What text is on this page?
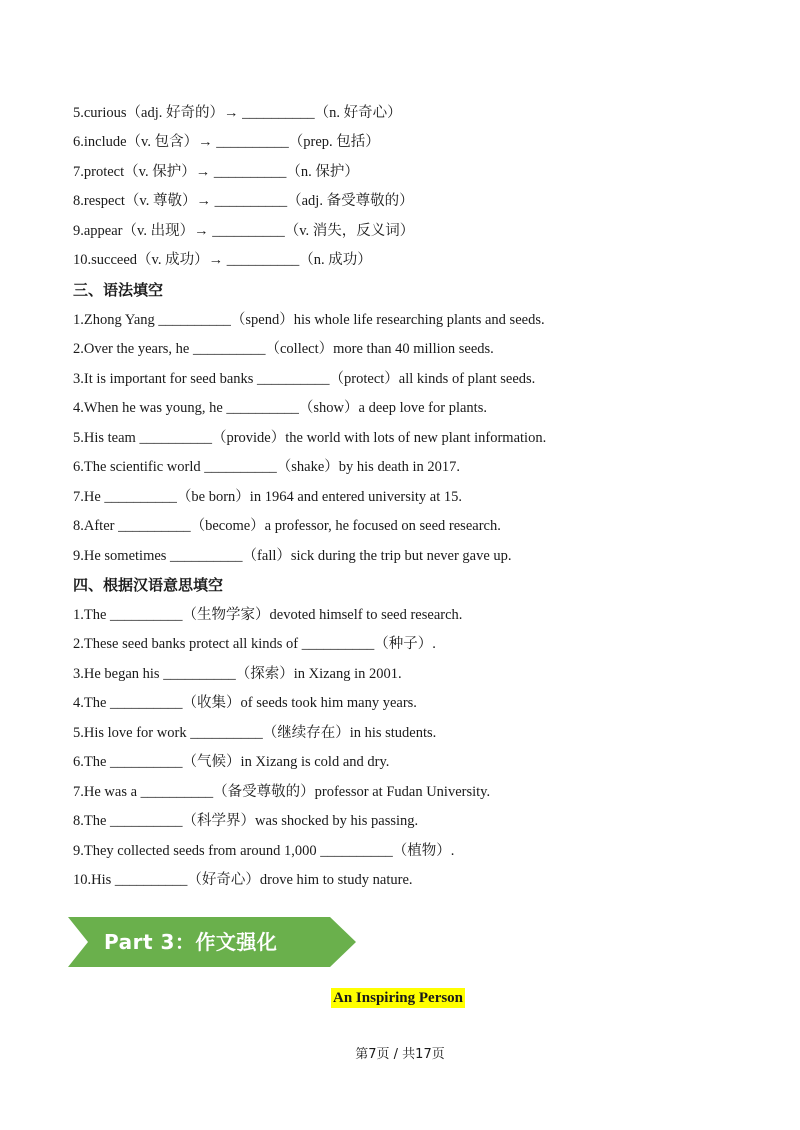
5.curious（adj. 好奇的）→ __________（n. 好奇心）
6.include（v. 包含）→ __________（prep. 包括）
7.protect（v. 保护）→ __________（n. 保护）
8.respect（v. 尊敬）→ __________（adj. 备受尊敬的）
9.appear（v. 出现）→ __________（v. 消失，反义词）
10.succeed（v. 成功）→ __________（n. 成功）
三、语法填空
1.Zhong Yang __________（spend）his whole life researching plants and seeds.
2.Over the years, he __________（collect）more than 40 million seeds.
3.It is important for seed banks __________（protect）all kinds of plant seeds.
4.When he was young, he __________（show）a deep love for plants.
5.His team __________（provide）the world with lots of new plant information.
6.The scientific world __________（shake）by his death in 2017.
7.He __________（be born）in 1964 and entered university at 15.
8.After __________（become）a professor, he focused on seed research.
9.He sometimes __________（fall）sick during the trip but never gave up.
四、根据汉语意思填空
1.The __________（生物学家）devoted himself to seed research.
2.These seed banks protect all kinds of __________（种子）.
3.He began his __________（探索）in Xizang in 2001.
4.The __________（收集）of seeds took him many years.
5.His love for work __________（继续存在）in his students.
6.The __________（气候）in Xizang is cold and dry.
7.He was a __________（备受尊敬的）professor at Fudan University.
8.The __________（科学界）was shocked by his passing.
9.They collected seeds from around 1,000 __________（植物）.
10.His __________（好奇心）drove him to study nature.
Part 3：作文强化
An Inspiring Person
第7页 / 共17页
